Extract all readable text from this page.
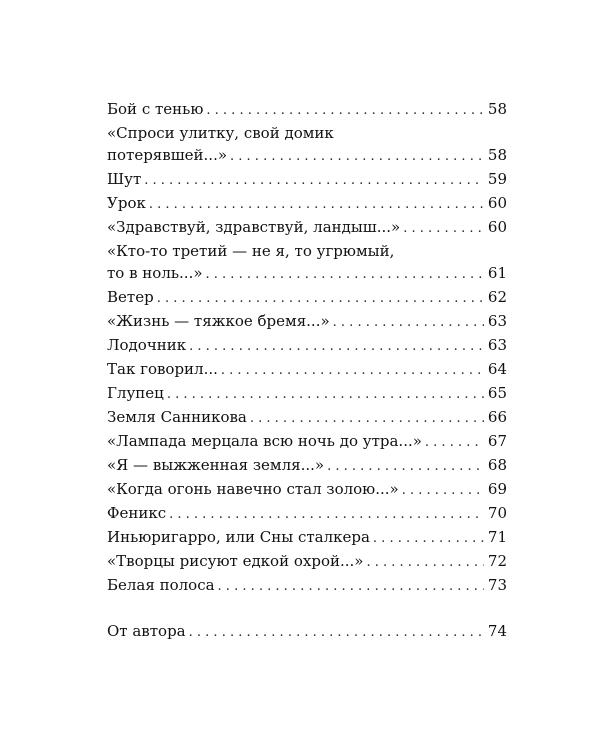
Бой с тенью . . .	58
«Спроси улитку, свой домик
потерявшей...» . . .	58
Шут . . .	59
Урок . . .	60
«Здравствуй, здравствуй, ландыш...» . . .	60
«Кто-то третий — не я, то угрюмый,
то в ноль...» . . .	61
Ветер . . .	62
«Жизнь — тяжкое бремя...» . . .	63
Лодочник . . .	63
Так говорил... . . .	64
Глупец . . .	65
Земля Санникова . . .	66
«Лампада мерцала всю ночь до утра...» . . .	67
«Я — выжженная земля...» . . .	68
«Когда огонь навечно стал золою...» . . .	69
Феникс . . .	70
Иньюригарро, или Сны сталкера . . .	71
«Творцы рисуют едкой охрой...» . . .	72
Белая полоса . . .	73
От автора . . .	74
